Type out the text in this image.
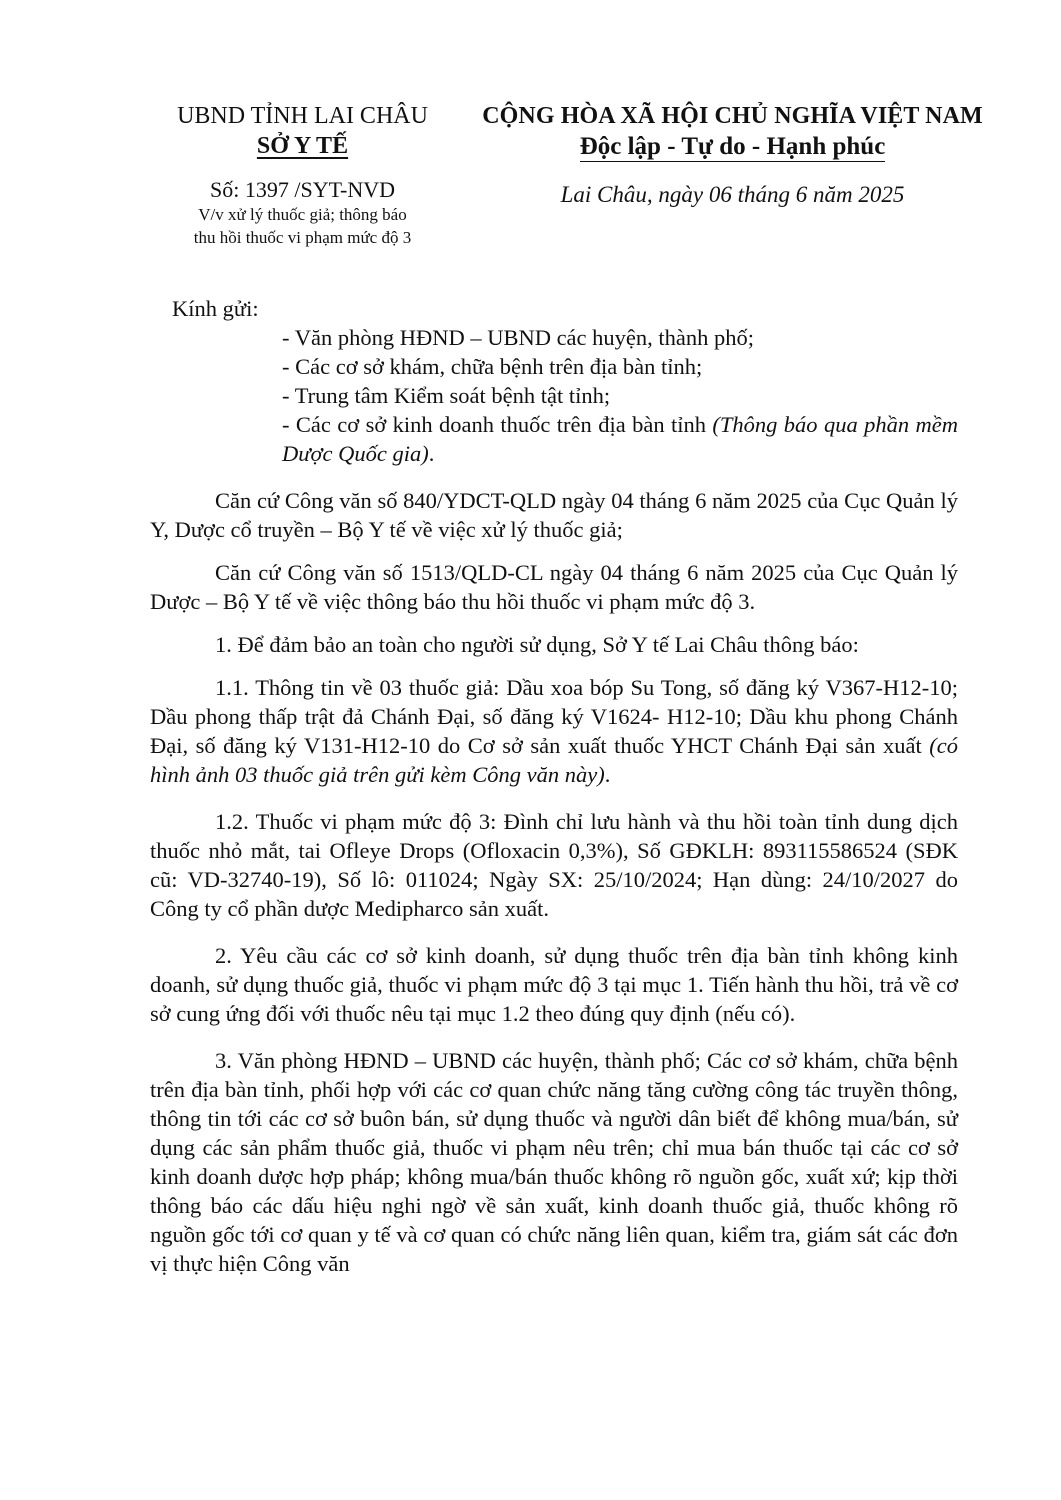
UBND TỈNH LAI CHÂU
SỞ Y TẾ
Số: 1397 /SYT-NVD
V/v xử lý thuốc giả; thông báo
thu hồi thuốc vi phạm mức độ 3
CỘNG HÒA XÃ HỘI CHỦ NGHĨA VIỆT NAM
Độc lập - Tự do - Hạnh phúc
Lai Châu, ngày 06 tháng 6 năm 2025
Kính gửi:
- Văn phòng HĐND – UBND các huyện, thành phố;
- Các cơ sở khám, chữa bệnh trên địa bàn tỉnh;
- Trung tâm Kiểm soát bệnh tật tỉnh;
- Các cơ sở kinh doanh thuốc trên địa bàn tỉnh (Thông báo qua phần mềm Dược Quốc gia).
Căn cứ Công văn số 840/YDCT-QLD ngày 04 tháng 6 năm 2025 của Cục Quản lý Y, Dược cổ truyền – Bộ Y tế về việc xử lý thuốc giả;
Căn cứ Công văn số 1513/QLD-CL ngày 04 tháng 6 năm 2025 của Cục Quản lý Dược – Bộ Y tế về việc thông báo thu hồi thuốc vi phạm mức độ 3.
1. Để đảm bảo an toàn cho người sử dụng, Sở Y tế Lai Châu thông báo:
1.1. Thông tin về 03 thuốc giả: Dầu xoa bóp Su Tong, số đăng ký V367-H12-10; Dầu phong thấp trật đả Chánh Đại, số đăng ký V1624- H12-10; Dầu khu phong Chánh Đại, số đăng ký V131-H12-10 do Cơ sở sản xuất thuốc YHCT Chánh Đại sản xuất (có hình ảnh 03 thuốc giả trên gửi kèm Công văn này).
1.2. Thuốc vi phạm mức độ 3: Đình chỉ lưu hành và thu hồi toàn tỉnh dung dịch thuốc nhỏ mắt, tai Ofleye Drops (Ofloxacin 0,3%), Số GĐKLH: 893115586524 (SĐK cũ: VD-32740-19), Số lô: 011024; Ngày SX: 25/10/2024; Hạn dùng: 24/10/2027 do Công ty cổ phần dược Medipharco sản xuất.
2. Yêu cầu các cơ sở kinh doanh, sử dụng thuốc trên địa bàn tỉnh không kinh doanh, sử dụng thuốc giả, thuốc vi phạm mức độ 3 tại mục 1. Tiến hành thu hồi, trả về cơ sở cung ứng đối với thuốc nêu tại mục 1.2 theo đúng quy định (nếu có).
3. Văn phòng HĐND – UBND các huyện, thành phố; Các cơ sở khám, chữa bệnh trên địa bàn tỉnh, phối hợp với các cơ quan chức năng tăng cường công tác truyền thông, thông tin tới các cơ sở buôn bán, sử dụng thuốc và người dân biết để không mua/bán, sử dụng các sản phẩm thuốc giả, thuốc vi phạm nêu trên; chỉ mua bán thuốc tại các cơ sở kinh doanh dược hợp pháp; không mua/bán thuốc không rõ nguồn gốc, xuất xứ; kịp thời thông báo các dấu hiệu nghi ngờ về sản xuất, kinh doanh thuốc giả, thuốc không rõ nguồn gốc tới cơ quan y tế và cơ quan có chức năng liên quan, kiểm tra, giám sát các đơn vị thực hiện Công văn
